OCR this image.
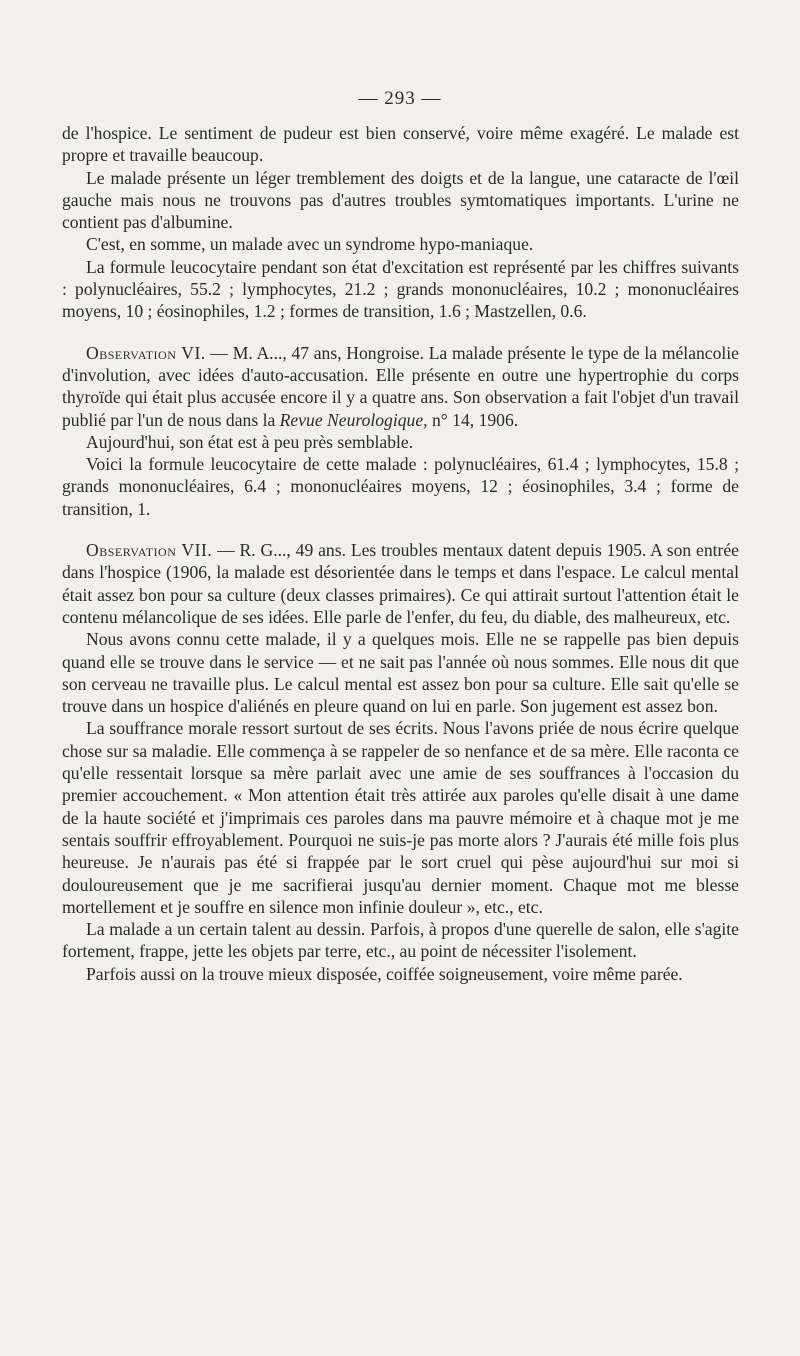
— 293 —

de l'hospice. Le sentiment de pudeur est bien conservé, voire même exagéré. Le malade est propre et travaille beaucoup.

Le malade présente un léger tremblement des doigts et de la langue, une cataracte de l'œil gauche mais nous ne trouvons pas d'autres troubles symtomatiques importants. L'urine ne contient pas d'albumine.

C'est, en somme, un malade avec un syndrome hypo-maniaque.

La formule leucocytaire pendant son état d'excitation est représenté par les chiffres suivants : polynucléaires, 55.2 ; lymphocytes, 21.2 ; grands mononucléaires, 10.2 ; mononucléaires moyens, 10 ; éosinophiles, 1.2 ; formes de transition, 1.6 ; Mastzellen, 0.6.

Observation VI. — M. A..., 47 ans, Hongroise. La malade présente le type de la mélancolie d'involution, avec idées d'auto-accusation. Elle présente en outre une hypertrophie du corps thyroïde qui était plus accusée encore il y a quatre ans. Son observation a fait l'objet d'un travail publié par l'un de nous dans la Revue Neurologique, n° 14, 1906.

Aujourd'hui, son état est à peu près semblable.

Voici la formule leucocytaire de cette malade : polynucléaires, 61.4 ; lymphocytes, 15.8 ; grands mononucléaires, 6.4 ; mononucléaires moyens, 12 ; éosinophiles, 3.4 ; forme de transition, 1.

Observation VII. — R. G..., 49 ans. Les troubles mentaux datent depuis 1905. A son entrée dans l'hospice (1906, la malade est désorientée dans le temps et dans l'espace. Le calcul mental était assez bon pour sa culture (deux classes primaires). Ce qui attirait surtout l'attention était le contenu mélancolique de ses idées. Elle parle de l'enfer, du feu, du diable, des malheureux, etc.

Nous avons connu cette malade, il y a quelques mois. Elle ne se rappelle pas bien depuis quand elle se trouve dans le service — et ne sait pas l'année où nous sommes. Elle nous dit que son cerveau ne travaille plus. Le calcul mental est assez bon pour sa culture. Elle sait qu'elle se trouve dans un hospice d'aliénés en pleure quand on lui en parle. Son jugement est assez bon.

La souffrance morale ressort surtout de ses écrits. Nous l'avons priée de nous écrire quelque chose sur sa maladie. Elle commença à se rappeler de so nenfance et de sa mère. Elle raconta ce qu'elle ressentait lorsque sa mère parlait avec une amie de ses souffrances à l'occasion du premier accouchement. « Mon attention était très attirée aux paroles qu'elle disait à une dame de la haute société et j'imprimais ces paroles dans ma pauvre mémoire et à chaque mot je me sentais souffrir effroyablement. Pourquoi ne suis-je pas morte alors ? J'aurais été mille fois plus heureuse. Je n'aurais pas été si frappée par le sort cruel qui pèse aujourd'hui sur moi si douloureusement que je me sacrifierai jusqu'au dernier moment. Chaque mot me blesse mortellement et je souffre en silence mon infinie douleur », etc., etc.

La malade a un certain talent au dessin. Parfois, à propos d'une querelle de salon, elle s'agite fortement, frappe, jette les objets par terre, etc., au point de nécessiter l'isolement.

Parfois aussi on la trouve mieux disposée, coiffée soigneusement, voire même parée.
